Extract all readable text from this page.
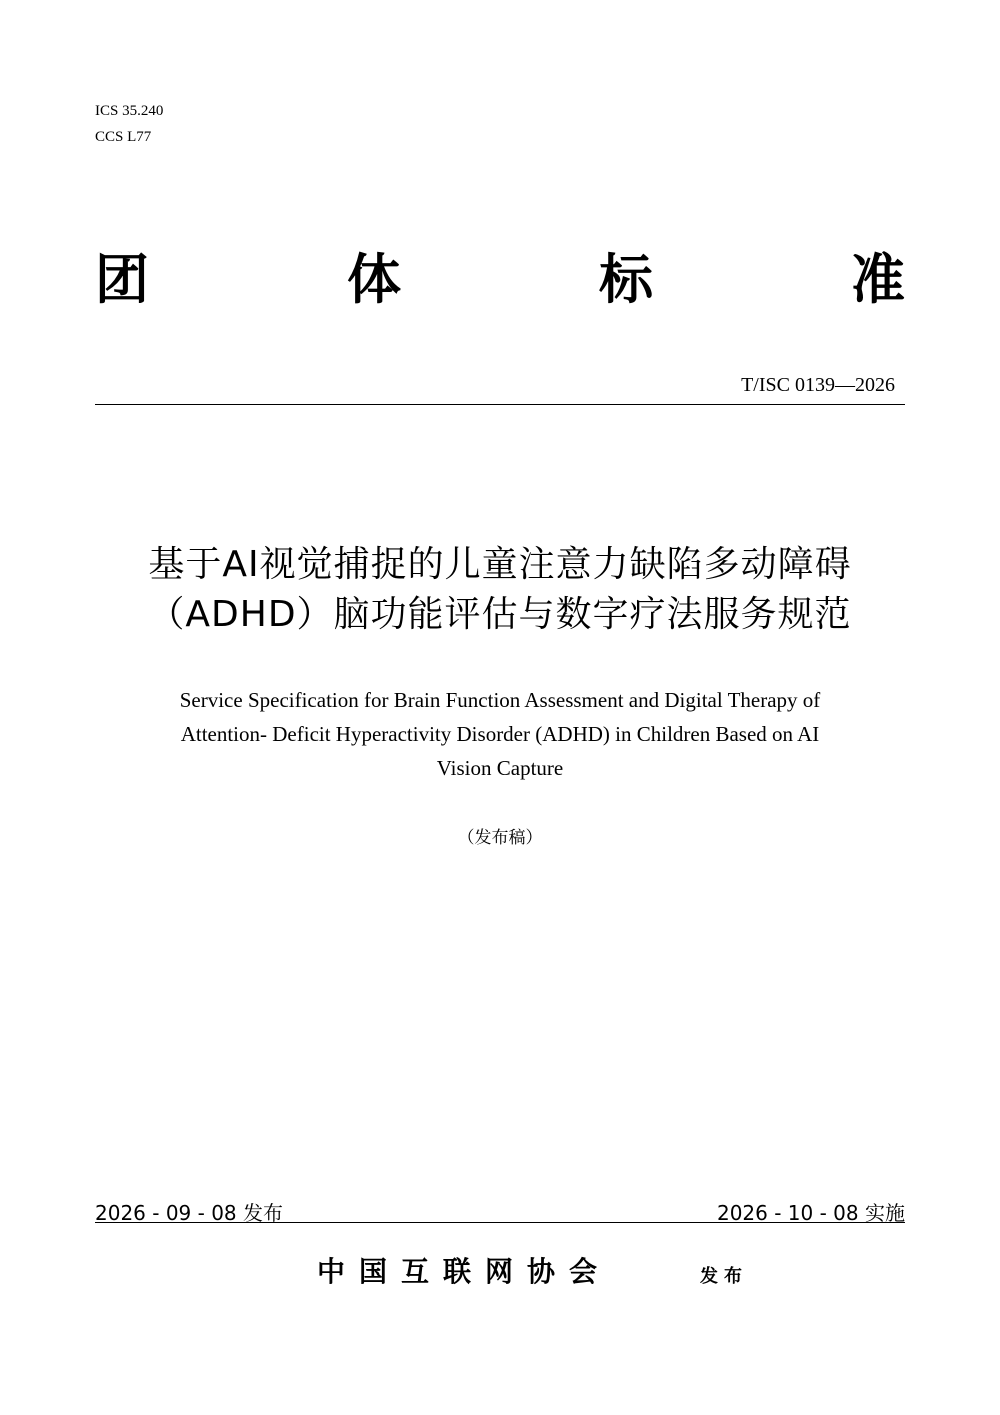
ICS 35.240
CCS L77
团	体	标	准
T/ISC 0139—2026
基于AI视觉捕捉的儿童注意力缺陷多动障碍
（ADHD）脑功能评估与数字疗法服务规范
Service Specification for Brain Function Assessment and Digital Therapy of
Attention‑ Deficit Hyperactivity Disorder (ADHD) in Children Based on AI
Vision Capture
（发布稿）
2026 - 09 - 08 发布	2026 - 10 - 08 实施
中国互联网协会	发布
